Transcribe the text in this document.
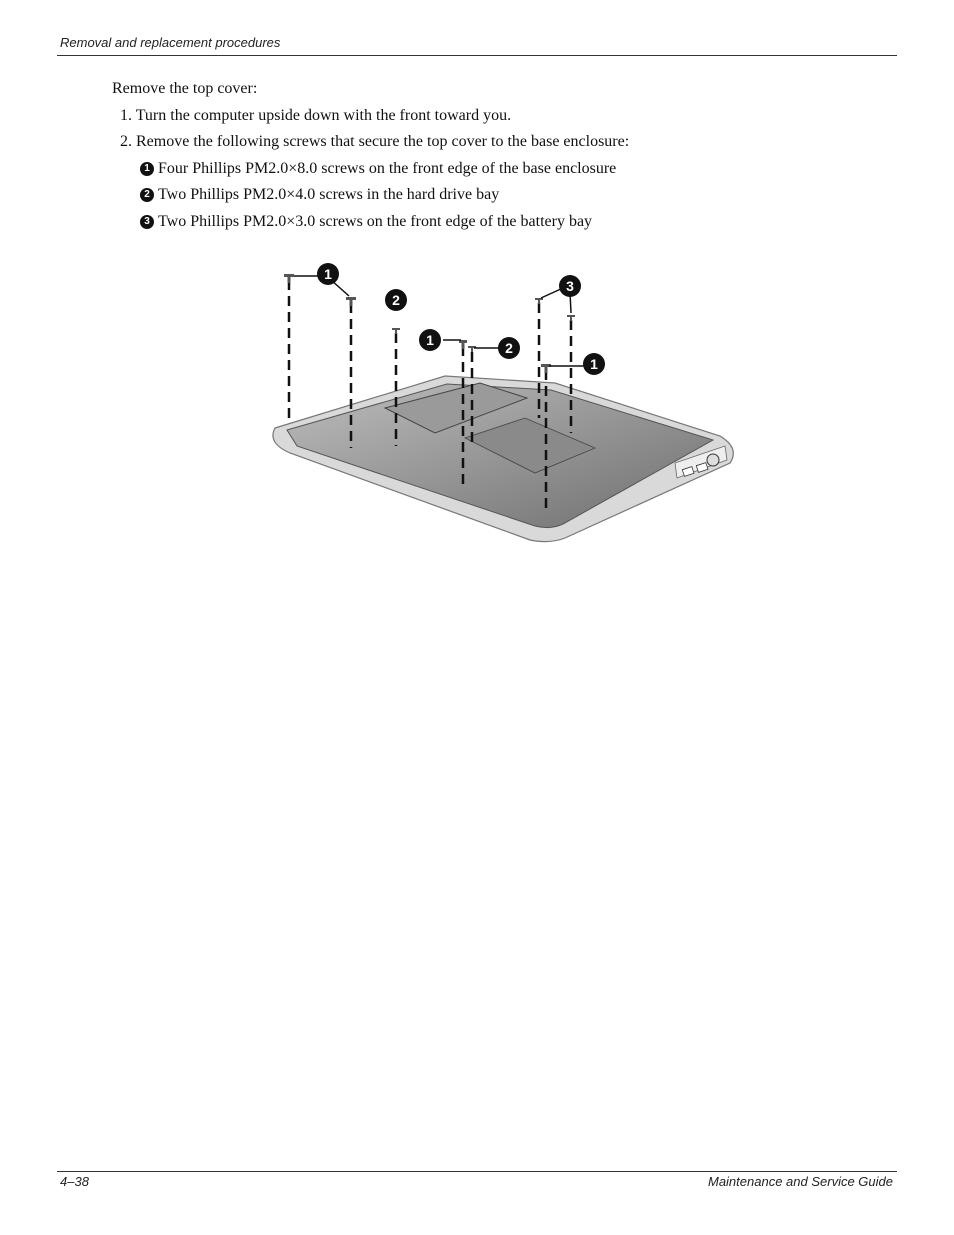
Removal and replacement procedures
Remove the top cover:
1. Turn the computer upside down with the front toward you.
2. Remove the following screws that secure the top cover to the base enclosure:
1 Four Phillips PM2.0×8.0 screws on the front edge of the base enclosure
2 Two Phillips PM2.0×4.0 screws in the hard drive bay
3 Two Phillips PM2.0×3.0 screws on the front edge of the battery bay
1
2
1	2
3
1
4–38	Maintenance and Service Guide
